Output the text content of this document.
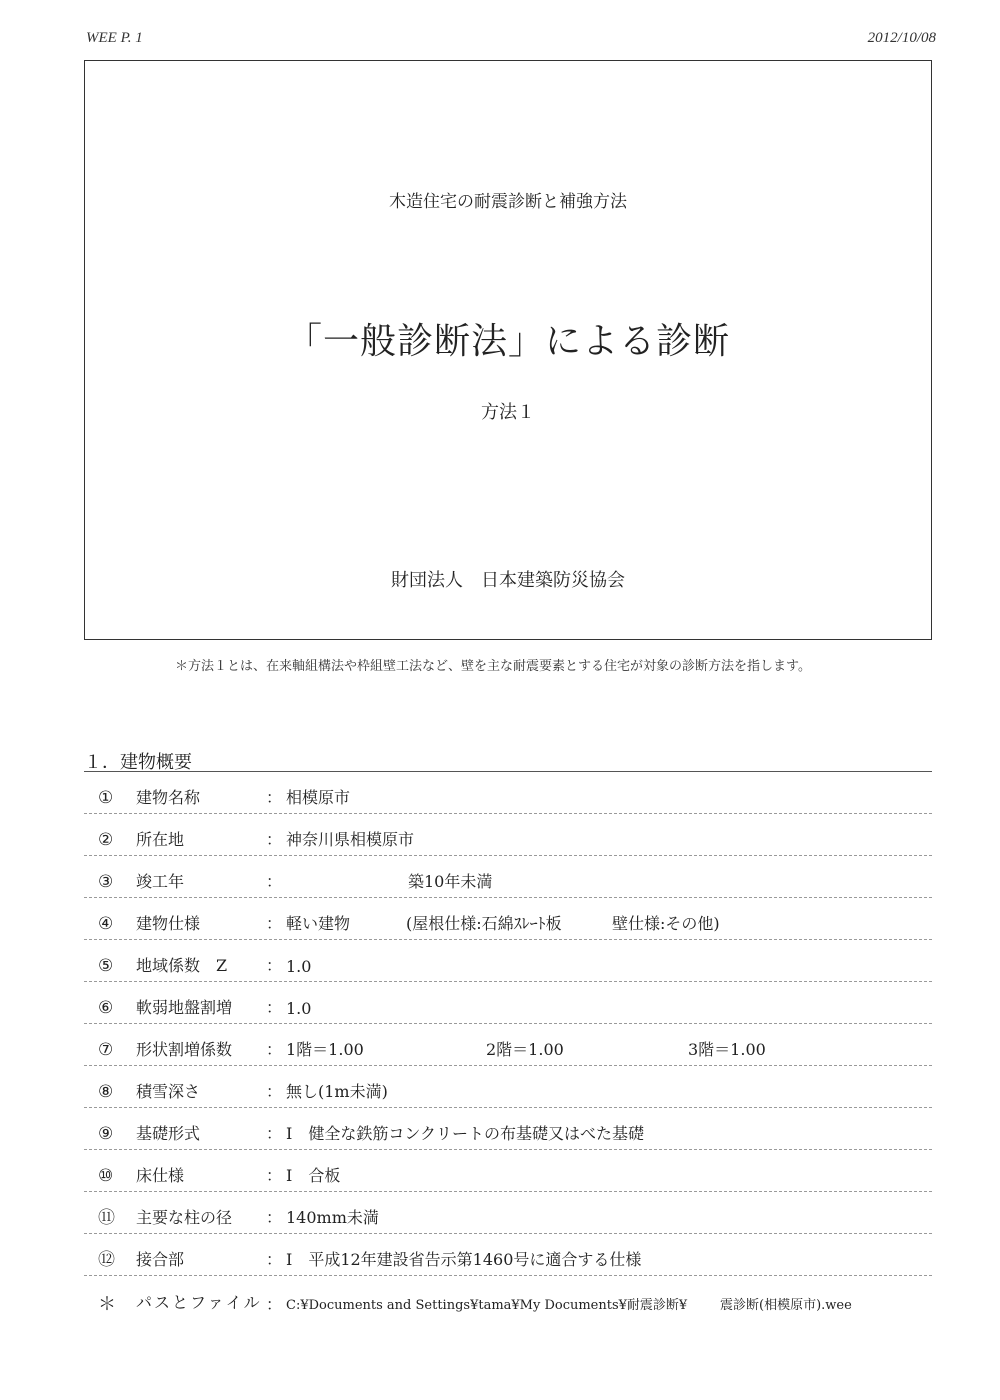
WEE P. 1	2012/10/08
木造住宅の耐震診断と補強方法
「一般診断法」による診断
方法１
財団法人　日本建築防災協会
＊方法１とは、在来軸組構法や枠組壁工法など、壁を主な耐震要素とする住宅が対象の診断方法を指します。
１．建物概要
① 建物名称	： 相模原市
② 所在地	： 神奈川県相模原市
③ 竣工年	：	築10年未満
④ 建物仕様	： 軽い建物	(屋根仕様:石綿ｽﾚｰﾄ板	壁仕様:その他)
⑤ 地域係数　Z ： 1.0
⑥ 軟弱地盤割増 ： 1.0
⑦ 形状割増係数 ： 1階＝1.00	2階＝1.00	3階＝1.00
⑧ 積雪深さ	： 無し(1m未満)
⑨ 基礎形式	： Ⅰ　健全な鉄筋コンクリートの布基礎又はべた基礎
⑩ 床仕様	： Ⅰ　合板
⑪ 主要な柱の径 ： 140mm未満
⑫ 接合部	： Ⅰ　平成12年建設省告示第1460号に適合する仕様
＊ パスとファイル ： C:¥Documents and Settings¥tama¥My Documents¥耐震診断¥	震診断(相模原市).wee
